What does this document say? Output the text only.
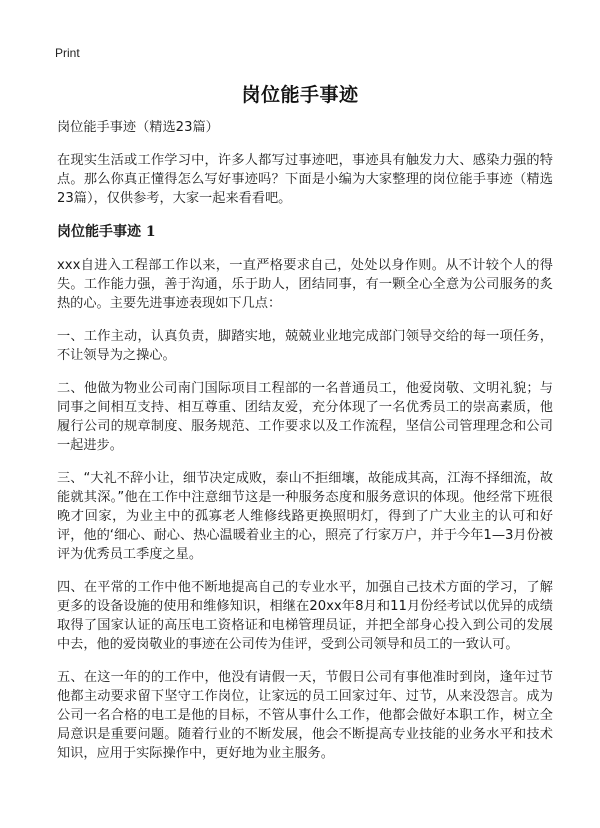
Print
岗位能手事迹

岗位能手事迹（精选23篇）

在现实生活或工作学习中，许多人都写过事迹吧，事迹具有触发力大、感染力强的特点。那么你真正懂得怎么写好事迹吗？下面是小编为大家整理的岗位能手事迹（精选23篇），仅供参考，大家一起来看看吧。

岗位能手事迹 1

xxx自进入工程部工作以来，一直严格要求自己，处处以身作则。从不计较个人的得失。工作能力强，善于沟通，乐于助人，团结同事，有一颗全心全意为公司服务的炙热的心。主要先进事迹表现如下几点：

一、工作主动，认真负责，脚踏实地，兢兢业业地完成部门领导交给的每一项任务，不让领导为之操心。

二、他做为物业公司南门国际项目工程部的一名普通员工，他爱岗敬、文明礼貌；与同事之间相互支持、相互尊重、团结友爱，充分体现了一名优秀员工的崇高素质，他履行公司的规章制度、服务规范、工作要求以及工作流程，坚信公司管理理念和公司一起进步。

三、“大礼不辞小让，细节决定成败，泰山不拒细壤，故能成其高，江海不择细流，故能就其深。”他在工作中注意细节这是一种服务态度和服务意识的体现。他经常下班很晚才回家，为业主中的孤寡老人维修线路更换照明灯，得到了广大业主的认可和好评，他的‘细心、耐心、热心温暖着业主的心，照亮了行家万户，并于今年1—3月份被评为优秀员工季度之星。

四、在平常的工作中他不断地提高自己的专业水平，加强自己技术方面的学习，了解更多的设备设施的使用和维修知识，相继在20xx年8月和11月份经考试以优异的成绩取得了国家认证的高压电工资格证和电梯管理员证，并把全部身心投入到公司的发展中去，他的爱岗敬业的事迹在公司传为佳评，受到公司领导和员工的一致认可。

五、在这一年的的工作中，他没有请假一天，节假日公司有事他准时到岗，逢年过节他都主动要求留下坚守工作岗位，让家远的员工回家过年、过节，从来没怨言。成为公司一名合格的电工是他的目标，不管从事什么工作，他都会做好本职工作，树立全局意识是重要问题。随着行业的不断发展，他会不断提高专业技能的业务水平和技术知识，应用于实际操作中，更好地为业主服务。
